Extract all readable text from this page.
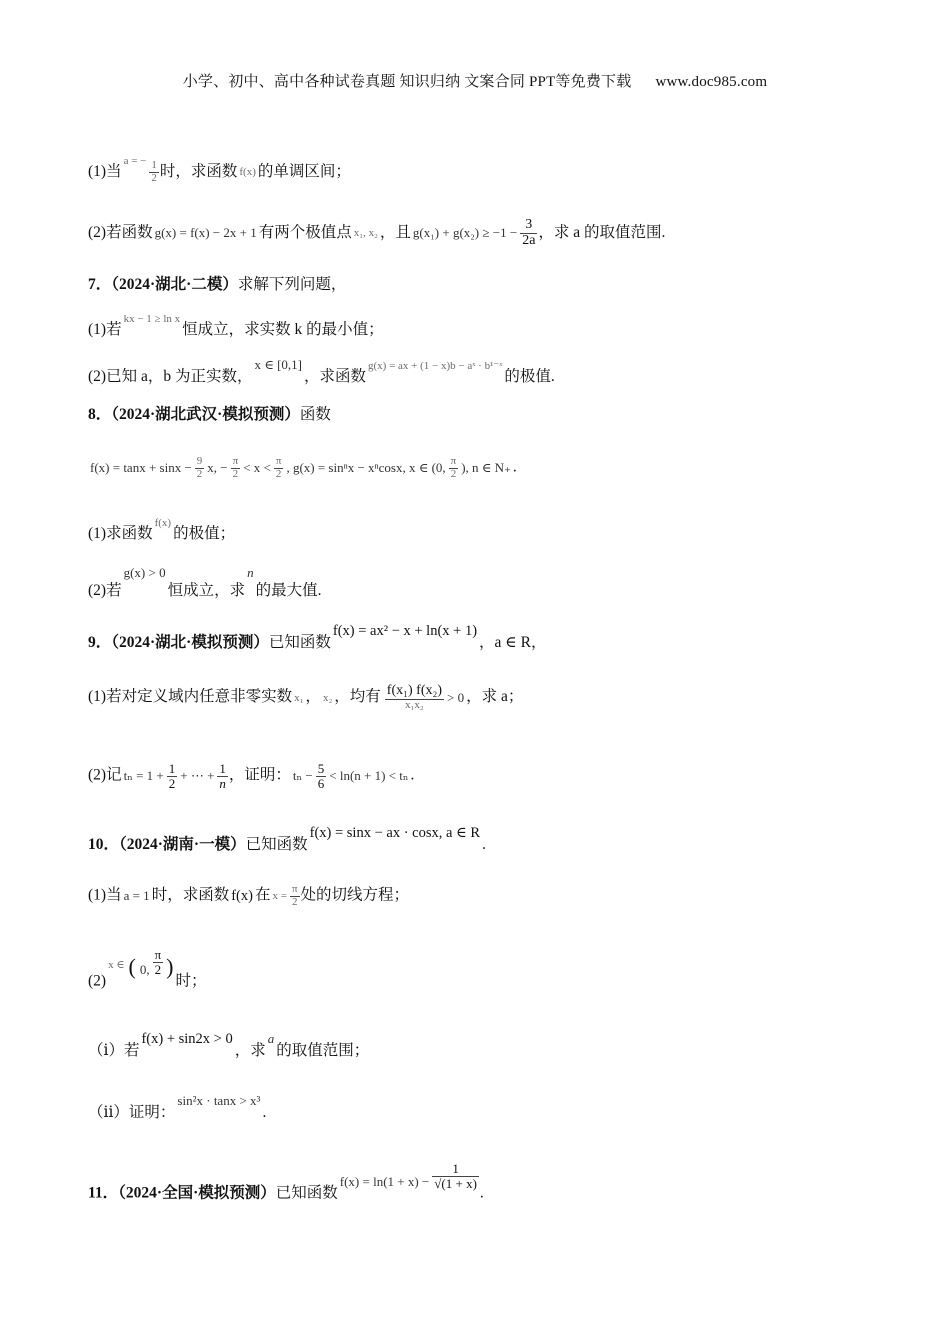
小学、初中、高中各种试卷真题 知识归纳 文案合同 PPT等免费下载 www.doc985.com
(1)当a = − $\frac{1}{2}$ 时，求函数 f(x) 的单调区间；
(2)若函数 g(x) = f(x) − 2x + 1 有两个极值点 x₁, x₂ ，且 $g(x_1) + g(x_2) \ge -1 - \frac{3}{2a}$ ，求 a 的取值范围.
7．（2024·湖北·二模）求解下列问题，
(1)若kx − 1 ≥ ln x恒成立，求实数 k 的最小值；
(2)已知 a，b 为正实数，x ∈ [0,1]，求函数g(x) = ax + (1 − x)b − aˣ · b¹⁻ˣ的极值.
8．（2024·湖北武汉·模拟预测）函数
$f(x) = \tan x + \sin x - \frac{9}{2} x$, − $\frac{\pi}{2} < x < \frac{\pi}{2}$ , g(x) = sinⁿx − xⁿcosx, x ∈ (0, $\frac{\pi}{2}$ ), n ∈ N₊ .
(1)求函数f(x)的极值；
(2)若g(x) > 0恒成立，求n的最大值.
9．（2024·湖北·模拟预测）已知函数f(x) = ax² − x + ln(x + 1)，a ∈ R，
(1)若对定义域内任意非零实数 x₁ ， x₂ ，均有 $\frac{\text{f(x₁) f(x₂)}}{\text{x₁x₂}} > 0$ ，求 a；
(2)记 $t_n = 1 + \frac{1}{2}$ + ⋯ + $\frac{1}{n}$ ，证明： $t_n - \frac{5}{6} < \ln(n + 1) < t_n$ .
10．（2024·湖南·一模）已知函数f(x) = sinx − ax · cosx, a ∈ R.
(1)当 a = 1 时，求函数 f(x) 在 $x = \frac{\pi}{2}$ 处的切线方程；
(2)x ∈ ( 0, $\frac{\pi}{2}$ )时；
（ⅰ）若f(x) + sin2x > 0，求a的取值范围；
（ⅱ）证明：sin²x · tanx > x³.
11．（2024·全国·模拟预测）已知函数$f(x) = \ln(1 + x) - \frac{1}{√(1 + x)}$
.
